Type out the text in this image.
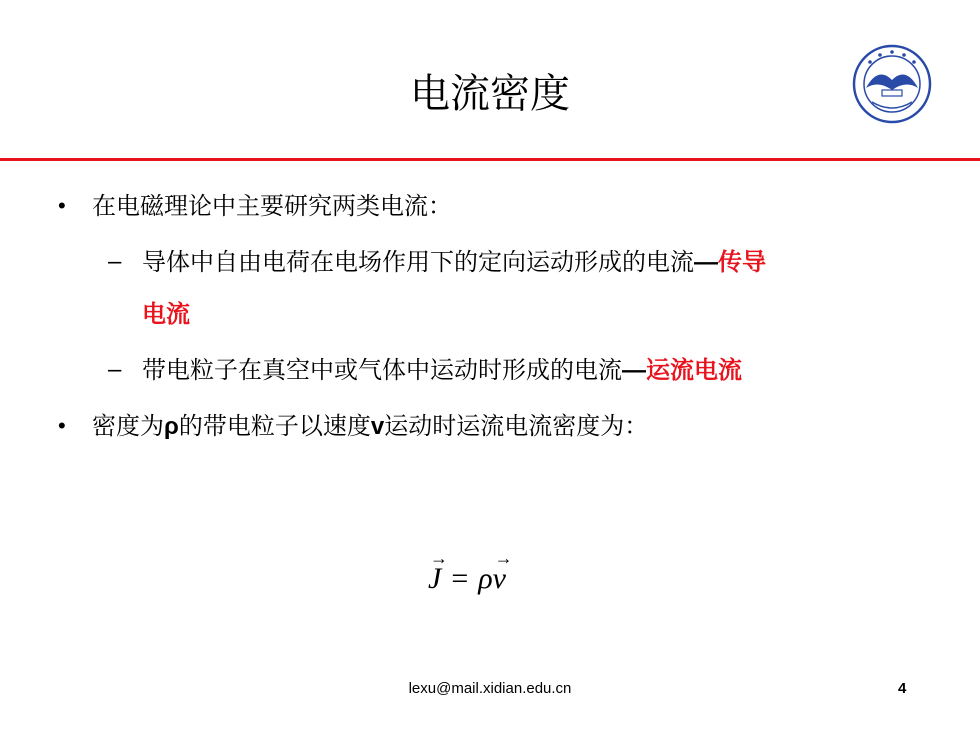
电流密度
• 在电磁理论中主要研究两类电流：
– 导体中自由电荷在电场作用下的定向运动形成的电流—传导
电流
– 带电粒子在真空中或气体中运动时形成的电流—运流电流
• 密度为ρ的带电粒子以速度v运动时运流电流密度为：
→
J = ρ
→
v
lexu@mail.xidian.edu.cn	4
